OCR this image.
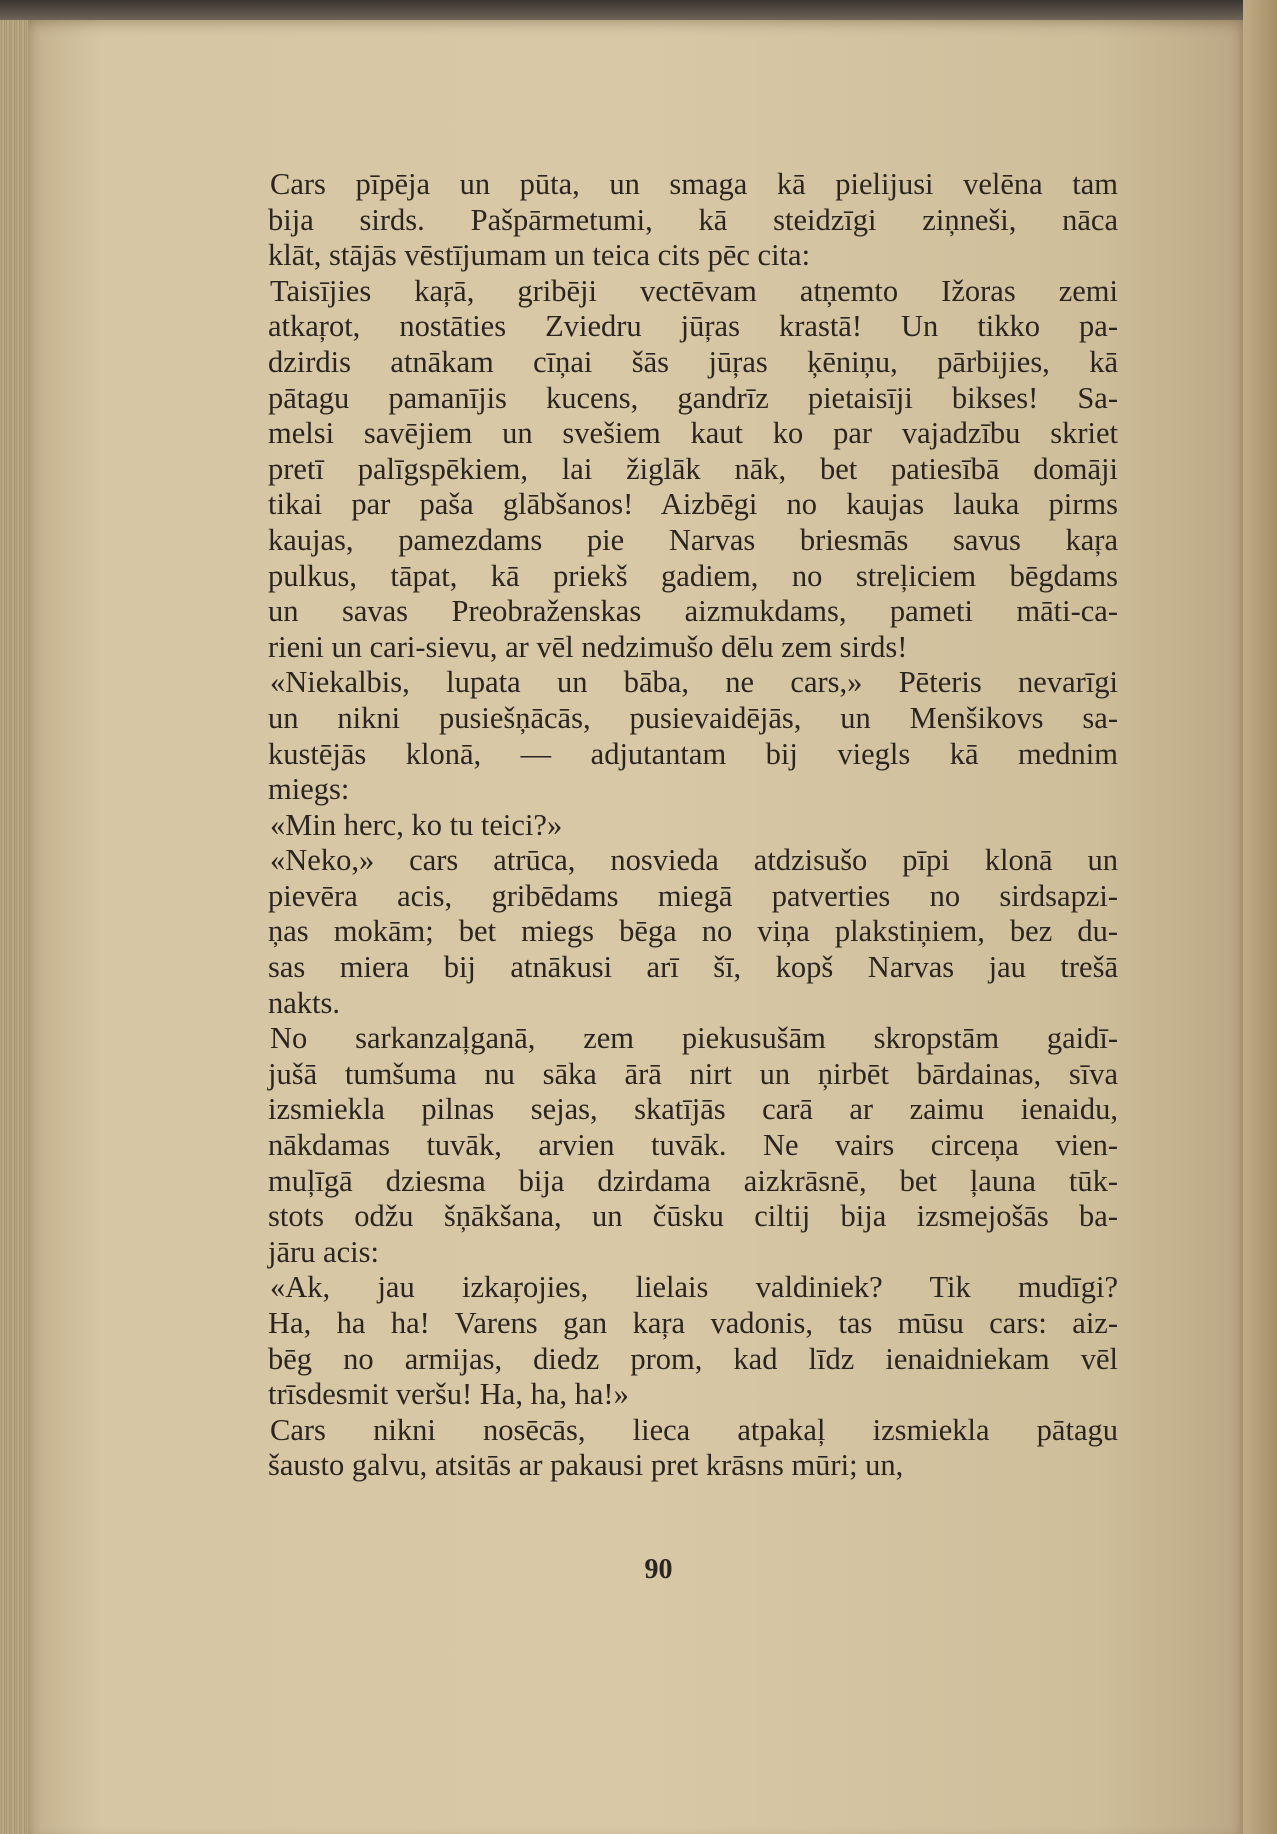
Cars pīpēja un pūta, un smaga kā pielijusi velēna tam
bija sirds. Pašpārmetumi, kā steidzīgi ziņneši, nāca
klāt, stājās vēstījumam un teica cits pēc cita:
Taisījies kaŗā, gribēji vectēvam atņemto Ižoras zemi
atkaŗot, nostāties Zviedru jūŗas krastā! Un tikko pa-
dzirdis atnākam cīņai šās jūŗas ķēniņu, pārbijies, kā
pātagu pamanījis kucens, gandrīz pietaisīji bikses! Sa-
melsi savējiem un svešiem kaut ko par vajadzību skriet
pretī palīgspēkiem, lai žiglāk nāk, bet patiesībā domāji
tikai par paša glābšanos! Aizbēgi no kaujas lauka pirms
kaujas, pamezdams pie Narvas briesmās savus kaŗa
pulkus, tāpat, kā priekš gadiem, no streļiciem bēgdams
un savas Preobraženskas aizmukdams, pameti māti-ca-
rieni un cari-sievu, ar vēl nedzimušo dēlu zem sirds!
«Niekalbis, lupata un bāba, ne cars,» Pēteris nevarīgi
un nikni pusiešņācās, pusievaidējās, un Menšikovs sa-
kustējās klonā, — adjutantam bij viegls kā mednim
miegs:
«Min herc, ko tu teici?»
«Neko,» cars atrūca, nosvieda atdzisušo pīpi klonā un
pievēra acis, gribēdams miegā patverties no sirdsapzi-
ņas mokām; bet miegs bēga no viņa plakstiņiem, bez du-
sas miera bij atnākusi arī šī, kopš Narvas jau trešā
nakts.
No sarkanzaļganā, zem piekusušām skropstām gaidī-
jušā tumšuma nu sāka ārā nirt un ņirbēt bārdainas, sīva
izsmiekla pilnas sejas, skatījās carā ar zaimu ienaidu,
nākdamas tuvāk, arvien tuvāk. Ne vairs circeņa vien-
muļīgā dziesma bija dzirdama aizkrāsnē, bet ļauna tūk-
stots odžu šņākšana, un čūsku ciltij bija izsmejošās ba-
jāru acis:
«Ak, jau izkaŗojies, lielais valdiniek? Tik mudīgi?
Ha, ha ha! Varens gan kaŗa vadonis, tas mūsu cars: aiz-
bēg no armijas, diedz prom, kad līdz ienaidniekam vēl
trīsdesmit veršu! Ha, ha, ha!»
Cars nikni nosēcās, lieca atpakaļ izsmiekla pātagu
šausto galvu, atsitās ar pakausi pret krāsns mūri; un,
90
